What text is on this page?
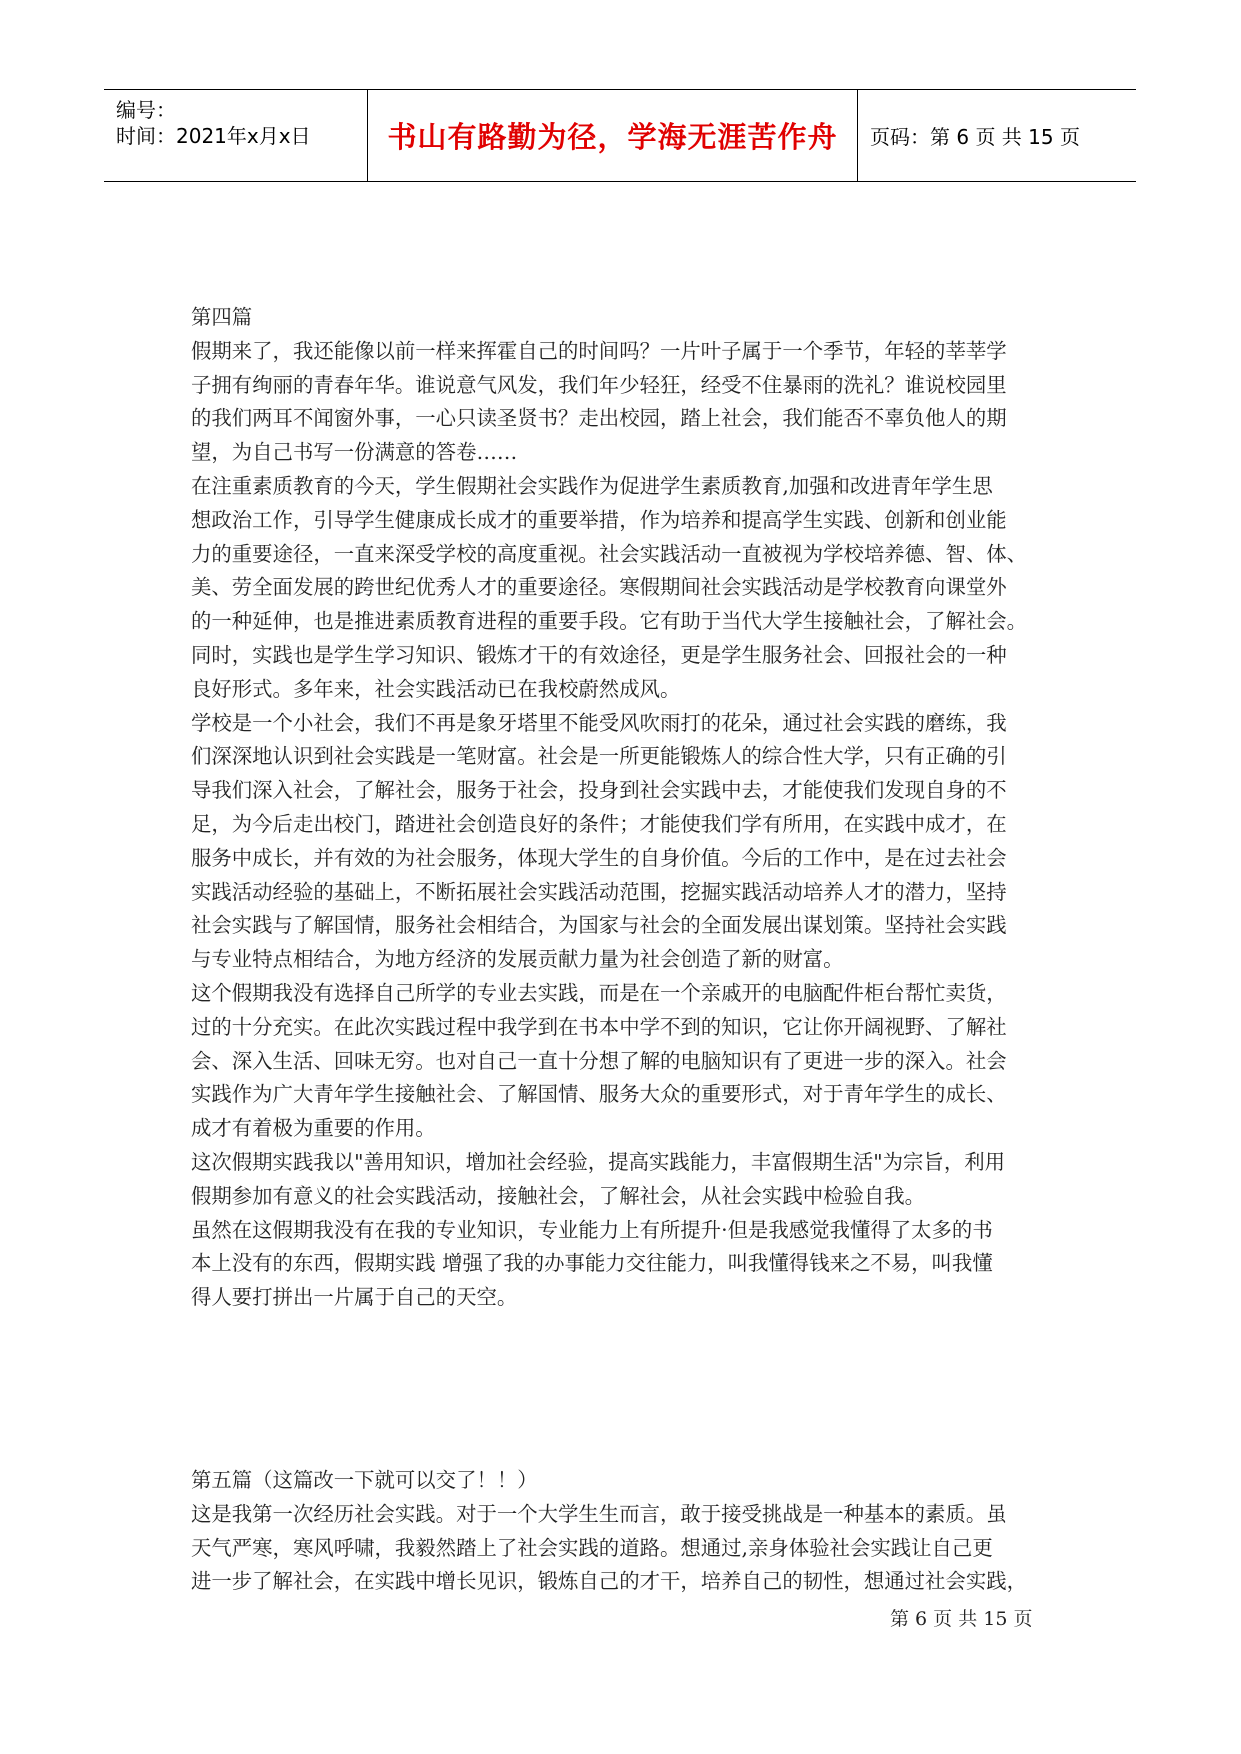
编号：
时间：2021年x月x日	书山有路勤为径，学海无涯苦作舟 页码：第 6 页 共 15 页

第四篇

假期来了，我还能像以前一样来挥霍自己的时间吗？一片叶子属于一个季节，年轻的莘莘学

子拥有绚丽的青春年华。谁说意气风发，我们年少轻狂，经受不住暴雨的洗礼？谁说校园里

的我们两耳不闻窗外事，一心只读圣贤书？走出校园，踏上社会，我们能否不辜负他人的期

望，为自己书写一份满意的答卷……

在注重素质教育的今天，学生假期社会实践作为促进学生素质教育,加强和改进青年学生思

想政治工作，引导学生健康成长成才的重要举措，作为培养和提高学生实践、创新和创业能

力的重要途径，一直来深受学校的高度重视。社会实践活动一直被视为学校培养德、智、体、

美、劳全面发展的跨世纪优秀人才的重要途径。寒假期间社会实践活动是学校教育向课堂外

的一种延伸，也是推进素质教育进程的重要手段。它有助于当代大学生接触社会，了解社会。

同时，实践也是学生学习知识、锻炼才干的有效途径，更是学生服务社会、回报社会的一种

良好形式。多年来，社会实践活动已在我校蔚然成风。

学校是一个小社会，我们不再是象牙塔里不能受风吹雨打的花朵，通过社会实践的磨练，我

们深深地认识到社会实践是一笔财富。社会是一所更能锻炼人的综合性大学，只有正确的引

导我们深入社会，了解社会，服务于社会，投身到社会实践中去，才能使我们发现自身的不

足，为今后走出校门，踏进社会创造良好的条件；才能使我们学有所用，在实践中成才，在

服务中成长，并有效的为社会服务，体现大学生的自身价值。今后的工作中，是在过去社会

实践活动经验的基础上，不断拓展社会实践活动范围，挖掘实践活动培养人才的潜力，坚持

社会实践与了解国情，服务社会相结合，为国家与社会的全面发展出谋划策。坚持社会实践

与专业特点相结合，为地方经济的发展贡献力量为社会创造了新的财富。

这个假期我没有选择自己所学的专业去实践，而是在一个亲戚开的电脑配件柜台帮忙卖货，

过的十分充实。在此次实践过程中我学到在书本中学不到的知识，它让你开阔视野、了解社

会、深入生活、回味无穷。也对自己一直十分想了解的电脑知识有了更进一步的深入。社会

实践作为广大青年学生接触社会、了解国情、服务大众的重要形式，对于青年学生的成长、

成才有着极为重要的作用。

这次假期实践我以"善用知识，增加社会经验，提高实践能力，丰富假期生活"为宗旨，利用

假期参加有意义的社会实践活动，接触社会，了解社会，从社会实践中检验自我。

虽然在这假期我没有在我的专业知识，专业能力上有所提升·但是我感觉我懂得了太多的书

本上没有的东西，假期实践 增强了我的办事能力交往能力，叫我懂得钱来之不易，叫我懂

得人要打拼出一片属于自己的天空。

第五篇（这篇改一下就可以交了！！）

这是我第一次经历社会实践。对于一个大学生生而言，敢于接受挑战是一种基本的素质。虽

天气严寒，寒风呼啸，我毅然踏上了社会实践的道路。想通过,亲身体验社会实践让自己更

进一步了解社会，在实践中增长见识，锻炼自己的才干，培养自己的韧性，想通过社会实践，

第 6 页 共 15 页
